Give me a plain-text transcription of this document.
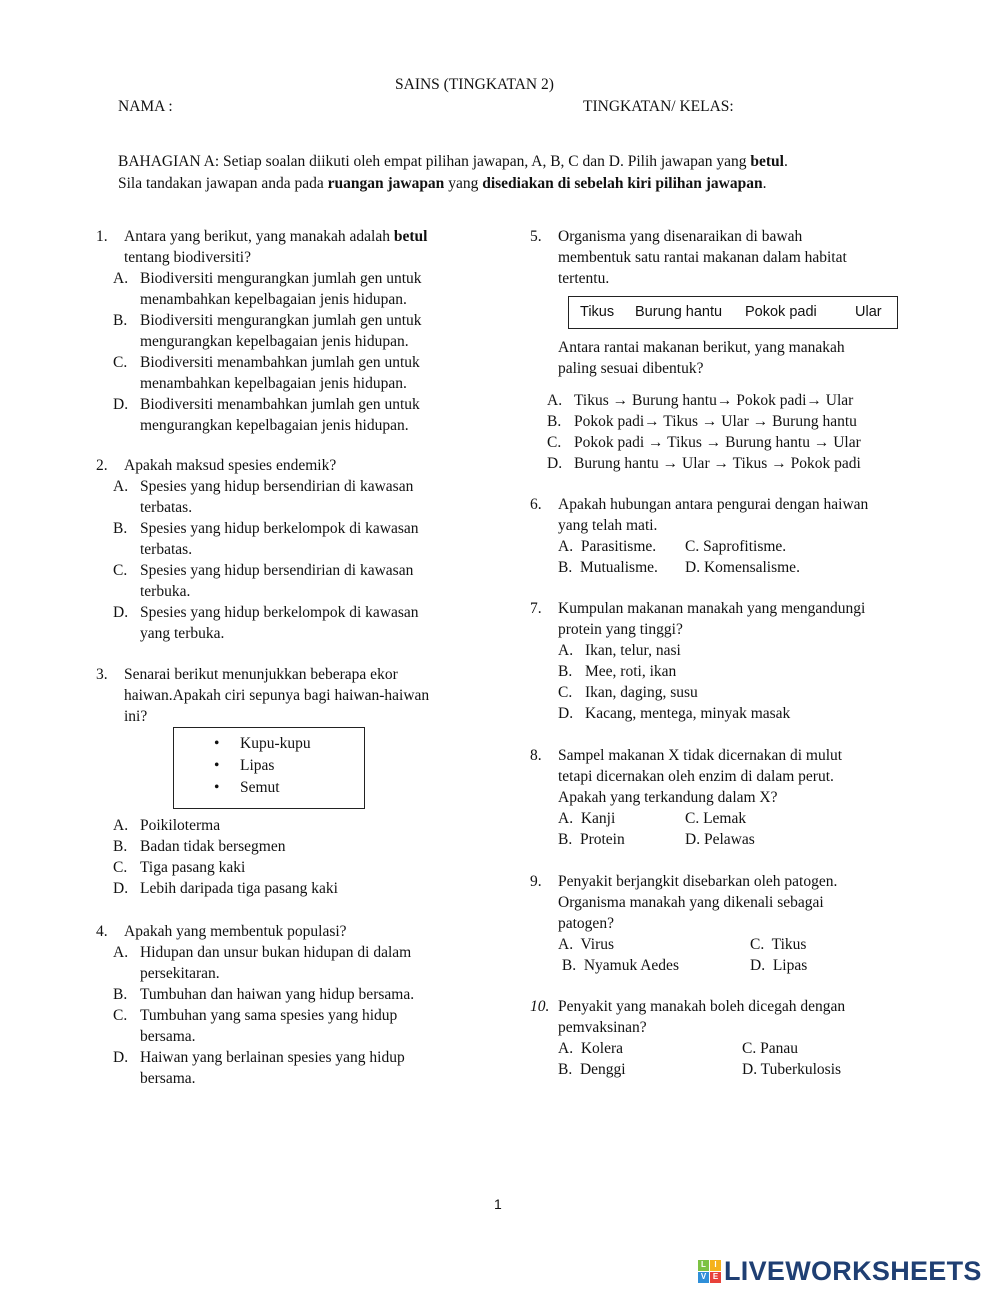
SAINS (TINGKATAN 2)
NAMA :	TINGKATAN/ KELAS:
BAHAGIAN A: Setiap soalan diikuti oleh empat pilihan jawapan, A, B, C dan D. Pilih jawapan yang betul.
Sila tandakan jawapan anda pada ruangan jawapan yang disediakan di sebelah kiri pilihan jawapan.
1.	Antara yang berikut, yang manakah adalah betul
tentang biodiversiti?
A. Biodiversiti mengurangkan jumlah gen untuk
menambahkan kepelbagaian jenis hidupan.
B. Biodiversiti mengurangkan jumlah gen untuk
mengurangkan kepelbagaian jenis hidupan.
C. Biodiversiti menambahkan jumlah gen untuk
menambahkan kepelbagaian jenis hidupan.
D. Biodiversiti menambahkan jumlah gen untuk
mengurangkan kepelbagaian jenis hidupan.
2.	Apakah maksud spesies endemik?
A. Spesies yang hidup bersendirian di kawasan
terbatas.
B. Spesies yang hidup berkelompok di kawasan
terbatas.
C. Spesies yang hidup bersendirian di kawasan
terbuka.
D. Spesies yang hidup berkelompok di kawasan
yang terbuka.
3.	Senarai berikut menunjukkan beberapa ekor
haiwan.Apakah ciri sepunya bagi haiwan-haiwan
ini?
A. Poikiloterma
B. Badan tidak bersegmen
C. Tiga pasang kaki
D. Lebih daripada tiga pasang kaki
• Kupu-kupu
• Lipas
• Semut
4.	Apakah yang membentuk populasi?
A. Hidupan dan unsur bukan hidupan di dalam
persekitaran.
B. Tumbuhan dan haiwan yang hidup bersama.
C. Tumbuhan yang sama spesies yang hidup
bersama.
D. Haiwan yang berlainan spesies yang hidup
bersama.
5.	Organisma yang disenaraikan di bawah
membentuk satu rantai makanan dalam habitat
tertentu.
Antara rantai makanan berikut, yang manakah
paling sesuai dibentuk?
A. Tikus → Burung hantu→ Pokok padi→ Ular
B. Pokok padi→ Tikus → Ular → Burung hantu
C. Pokok padi → Tikus → Burung hantu → Ular
D. Burung hantu → Ular → Tikus → Pokok padi
Tikus Burung hantu Pokok padi	Ular
6.	Apakah hubungan antara pengurai dengan haiwan
yang telah mati.
A.  Parasitisme.	C. Saprofitisme.
B.  Mutualisme.	D. Komensalisme.
7.	Kumpulan makanan manakah yang mengandungi
protein yang tinggi?
A. Ikan, telur, nasi
B. Mee, roti, ikan
C. Ikan, daging, susu
D. Kacang, mentega, minyak masak
8.	Sampel makanan X tidak dicernakan di mulut
tetapi dicernakan oleh enzim di dalam perut.
Apakah yang terkandung dalam X?
A.  Kanji	C. Lemak
B.  Protein	D. Pelawas
9.	Penyakit berjangkit disebarkan oleh patogen.
Organisma manakah yang dikenali sebagai
patogen?
A.  Virus	C.  Tikus
B.  Nyamuk Aedes	D.  Lipas
10. Penyakit yang manakah boleh dicegah dengan
pemvaksinan?
A.  Kolera	C. Panau
B.  Denggi	D. Tuberkulosis
1
L	I
V E LIVEWORKSHEETS
